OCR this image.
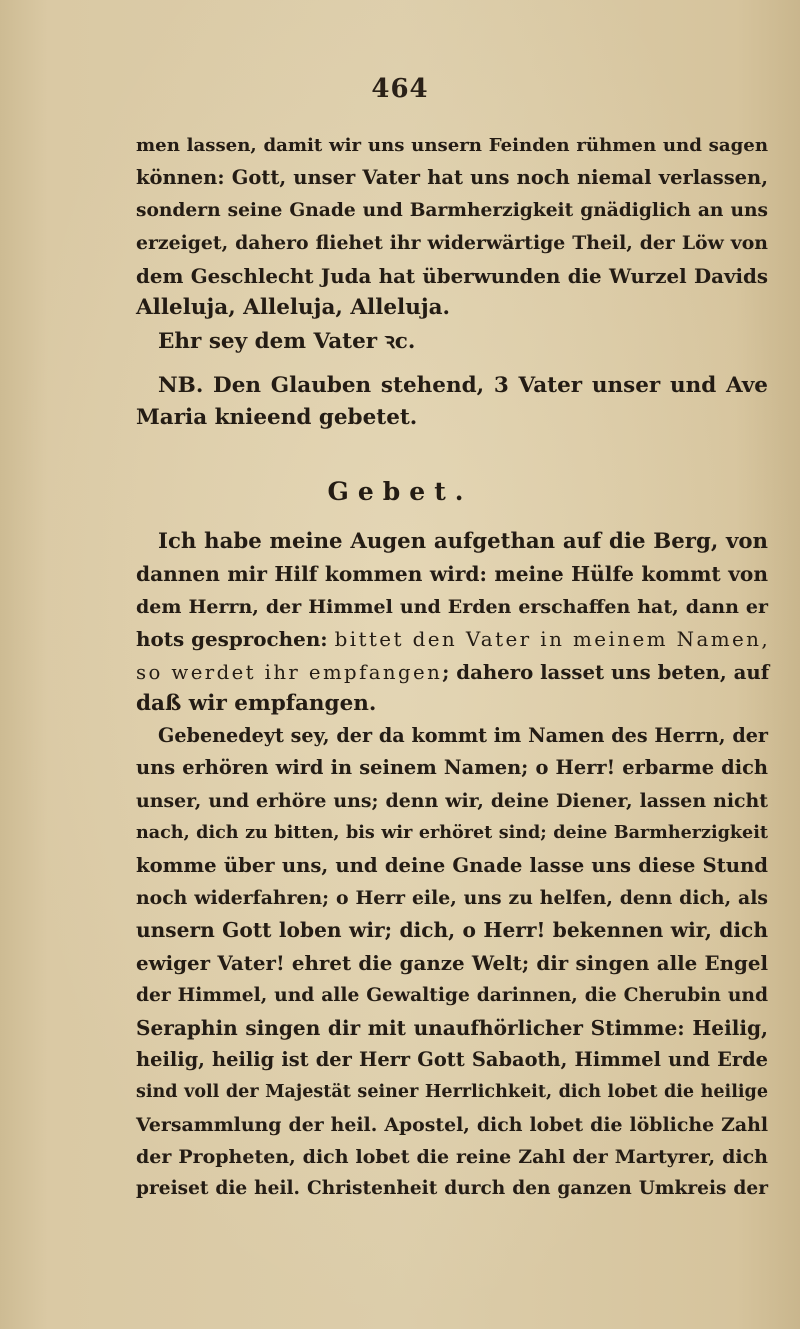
464
men lassen, damit wir uns unsern Feinden rühmen und sagen
können: Gott, unser Vater hat uns noch niemal verlassen,
sondern seine Gnade und Barmherzigkeit gnädiglich an uns
erzeiget, dahero fliehet ihr widerwärtige Theil, der Löw von
dem Geschlecht Juda hat überwunden die Wurzel Davids
Alleluja, Alleluja, Alleluja.
Ehr sey dem Vater ꝛc.
NB. Den Glauben stehend, 3 Vater unser und Ave
Maria knieend gebetet.
Gebet.
Ich habe meine Augen aufgethan auf die Berg, von
dannen mir Hilf kommen wird: meine Hülfe kommt von
dem Herrn, der Himmel und Erden erschaffen hat, dann er
hots gesprochen: bittet den Vater in meinem Namen,
so werdet ihr empfangen; dahero lasset uns beten, auf
daß wir empfangen.
Gebenedeyt sey, der da kommt im Namen des Herrn, der
uns erhören wird in seinem Namen; o Herr! erbarme dich
unser, und erhöre uns; denn wir, deine Diener, lassen nicht
nach, dich zu bitten, bis wir erhöret sind; deine Barmherzigkeit
komme über uns, und deine Gnade lasse uns diese Stund
noch widerfahren; o Herr eile, uns zu helfen, denn dich, als
unsern Gott loben wir; dich, o Herr! bekennen wir, dich
ewiger Vater! ehret die ganze Welt; dir singen alle Engel
der Himmel, und alle Gewaltige darinnen, die Cherubin und
Seraphin singen dir mit unaufhörlicher Stimme: Heilig,
heilig, heilig ist der Herr Gott Sabaoth, Himmel und Erde
sind voll der Majestät seiner Herrlichkeit, dich lobet die heilige
Versammlung der heil. Apostel, dich lobet die löbliche Zahl
der Propheten, dich lobet die reine Zahl der Martyrer, dich
preiset die heil. Christenheit durch den ganzen Umkreis der
